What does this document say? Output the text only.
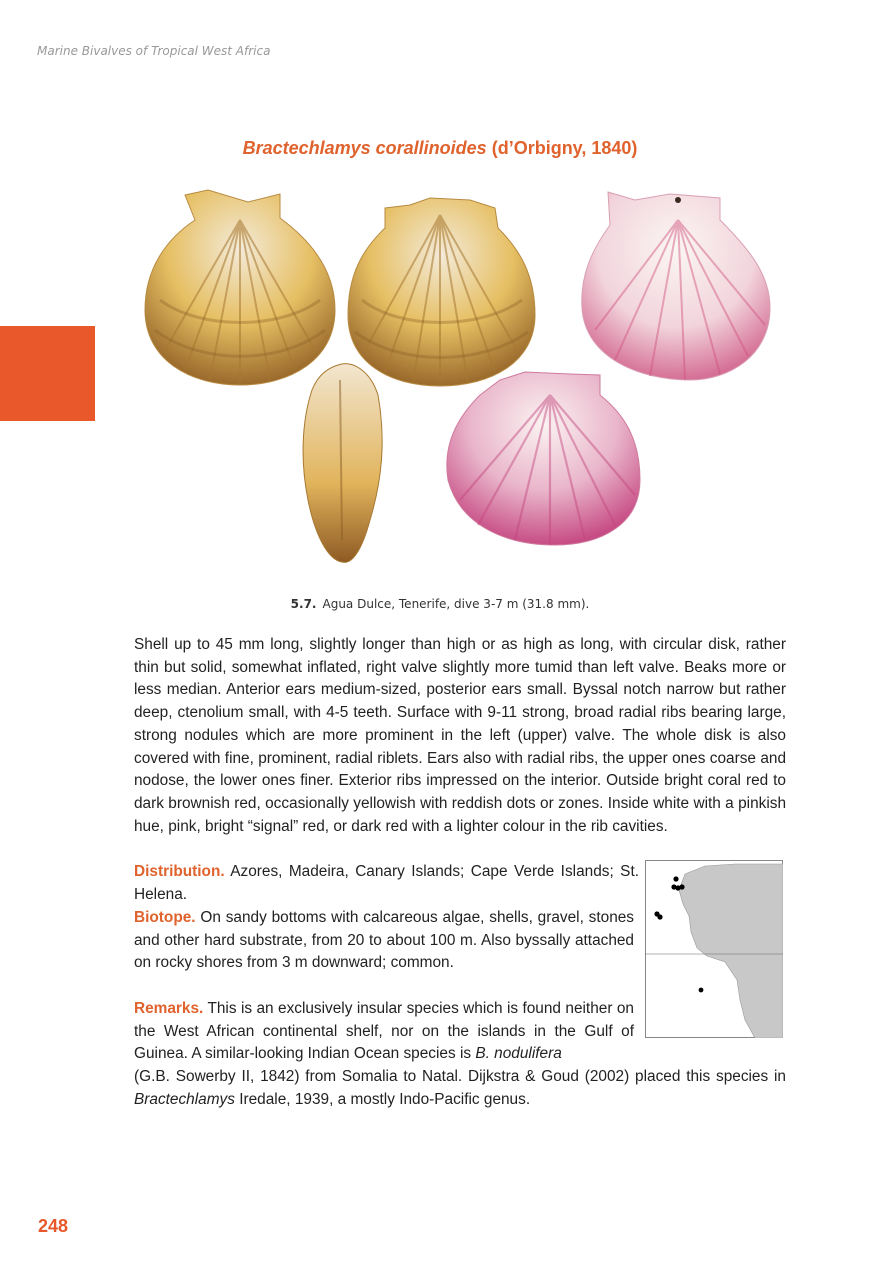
Marine Bivalves of Tropical West Africa
Bractechlamys corallinoides (d’Orbigny, 1840)
5.7. Agua Dulce, Tenerife, dive 3-7 m (31.8 mm).

Shell up to 45 mm long, slightly longer than high or as high as long, with circular disk, rather thin but solid, somewhat inflated, right valve slightly more tumid than left valve. Beaks more or less median. Anterior ears medium-sized, posterior ears small. Byssal notch narrow but rather deep, ctenolium small, with 4-5 teeth. Surface with 9-11 strong, broad radial ribs bearing large, strong nodules which are more prominent in the left (upper) valve. The whole disk is also covered with fine, prominent, radial riblets. Ears also with radial ribs, the upper ones coarse and nodose, the lower ones finer. Exterior ribs impressed on the interior. Outside bright coral red to dark brownish red, occasionally yellowish with reddish dots or zones. Inside white with a pinkish hue, pink, bright “signal” red, or dark red with a lighter colour in the rib cavities.

Distribution. Azores, Madeira, Canary Islands; Cape Verde Islands; St. Helena.

Biotope. On sandy bottoms with calcareous algae, shells, gravel, stones and other hard substrate, from 20 to about 100 m. Also byssally attached on rocky shores from 3 m downward; common.

Remarks. This is an exclusively insular species which is found neither on the West African continental shelf, nor on the islands in the Gulf of Guinea. A similar-looking Indian Ocean species is B. nodulifera

(G.B. Sowerby II, 1842) from Somalia to Natal. Dijkstra & Goud (2002) placed this species in Bractechlamys Iredale, 1939, a mostly Indo-Pacific genus.

248
